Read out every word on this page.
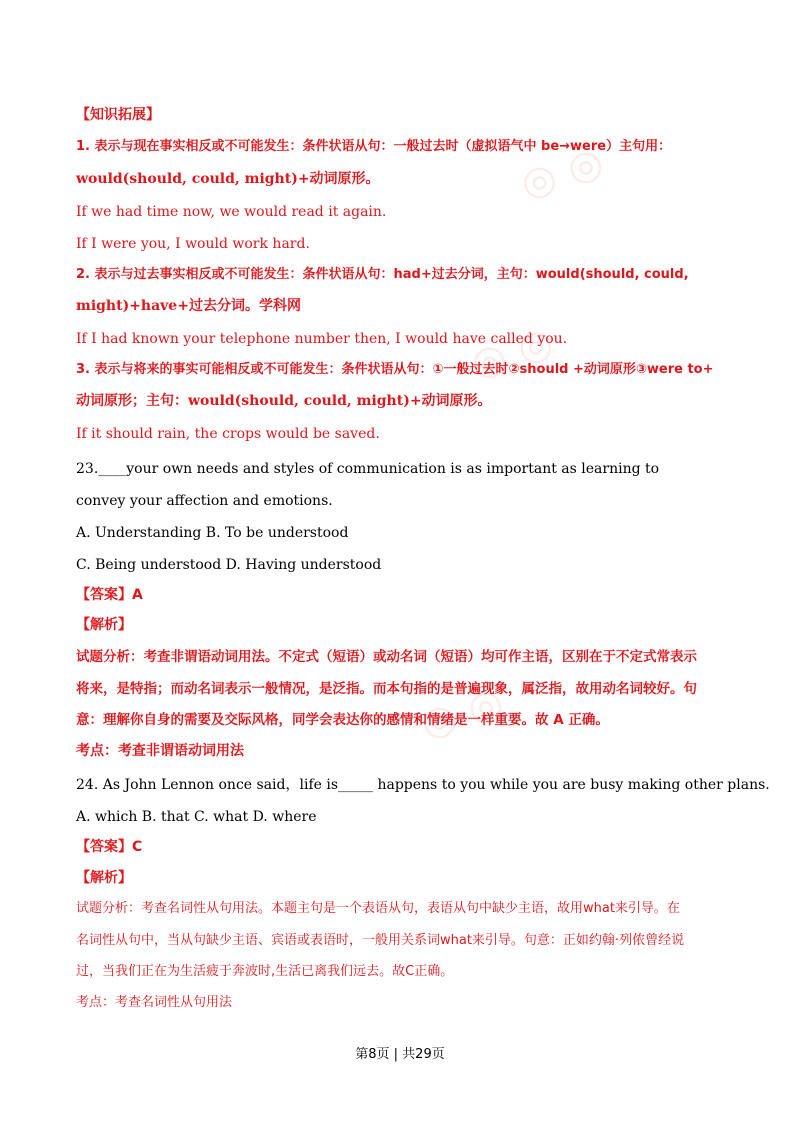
◎ ◎
◎ ◎
◎ ◎
【知识拓展】
1. 表示与现在事实相反或不可能发生：条件状语从句：一般过去时（虚拟语气中 be→were）主句用：
would(should, could, might)+动词原形。
If we had time now, we would read it again.
If I were you, I would work hard.
2. 表示与过去事实相反或不可能发生：条件状语从句：had+过去分词，主句：would(should, could,
might)+have+过去分词。学科网
If I had known your telephone number then, I would have called you.
3. 表示与将来的事实可能相反或不可能发生：条件状语从句：①一般过去时②should +动词原形③were to+
动词原形；主句：would(should, could, might)+动词原形。
If it should rain, the crops would be saved.
23.____your own needs and styles of communication is as important as learning to
convey your affection and emotions.
A. Understanding B. To be understood
C. Being understood D. Having understood
【答案】A
【解析】
试题分析：考查非谓语动词用法。不定式（短语）或动名词（短语）均可作主语，区别在于不定式常表示
将来，是特指；而动名词表示一般情况，是泛指。而本句指的是普遍现象，属泛指，故用动名词较好。句
意：理解你自身的需要及交际风格，同学会表达你的感情和情绪是一样重要。故 A 正确。
考点：考查非谓语动词用法
24. As John Lennon once said，life is_____ happens to you while you are busy making other plans.
A. which B. that C. what D. where
【答案】C
【解析】
试题分析：考查名词性从句用法。本题主句是一个表语从句，表语从句中缺少主语，故用what来引导。在
名词性从句中，当从句缺少主语、宾语或表语时，一般用关系词what来引导。句意：正如约翰·列侬曾经说
过，当我们正在为生活疲于奔波时,生活已离我们远去。故C正确。
考点：考查名词性从句用法
第8页 | 共29页
